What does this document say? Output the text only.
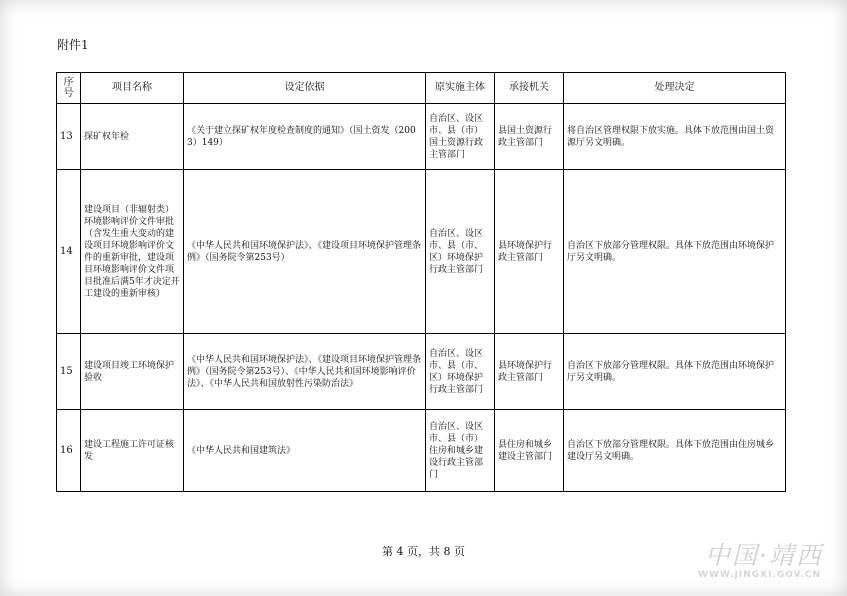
附件1
序号	项目名称	设定依据	原实施主体	承接机关	处理决定
13	探矿权年检	《关于建立探矿权年度检查制度的通知》（国土资发（2003）149）	自治区、设区市、县（市）国土资源行政主管部门	县国土资源行政主管部门	将自治区管理权限下放实施。具体下放范围由国土资源厅另文明确。
14	建设项目（非辐射类）环境影响评价文件审批（含发生重大变动的建设项目环境影响评价文件的重新审批，建设项目环境影响评价文件项目批准后满5年才决定开工建设的重新审核）	《中华人民共和国环境保护法》、《建设项目环境保护管理条例》（国务院令第253号）	自治区、设区市、县（市、区）环境保护行政主管部门	县环境保护行政主管部门	自治区下放部分管理权限。具体下放范围由环境保护厅另文明确。
15	建设项目竣工环境保护验收	《中华人民共和国环境保护法》、《建设项目环境保护管理条例》（国务院令第253号）、《中华人民共和国环境影响评价法》、《中华人民共和国放射性污染防治法》	自治区、设区市、县（市、区）环境保护行政主管部门	县环境保护行政主管部门	自治区下放部分管理权限。具体下放范围由环境保护厅另文明确。
16	建设工程施工许可证核发	《中华人民共和国建筑法》	自治区、设区市、县（市）住房和城乡建设行政主管部门	县住房和城乡建设主管部门	自治区下放部分管理权限。具体下放范围由住房城乡建设厅另文明确。
第 4 页，共 8 页	中国·靖西
WWW.JINGXI.GOV.CN
